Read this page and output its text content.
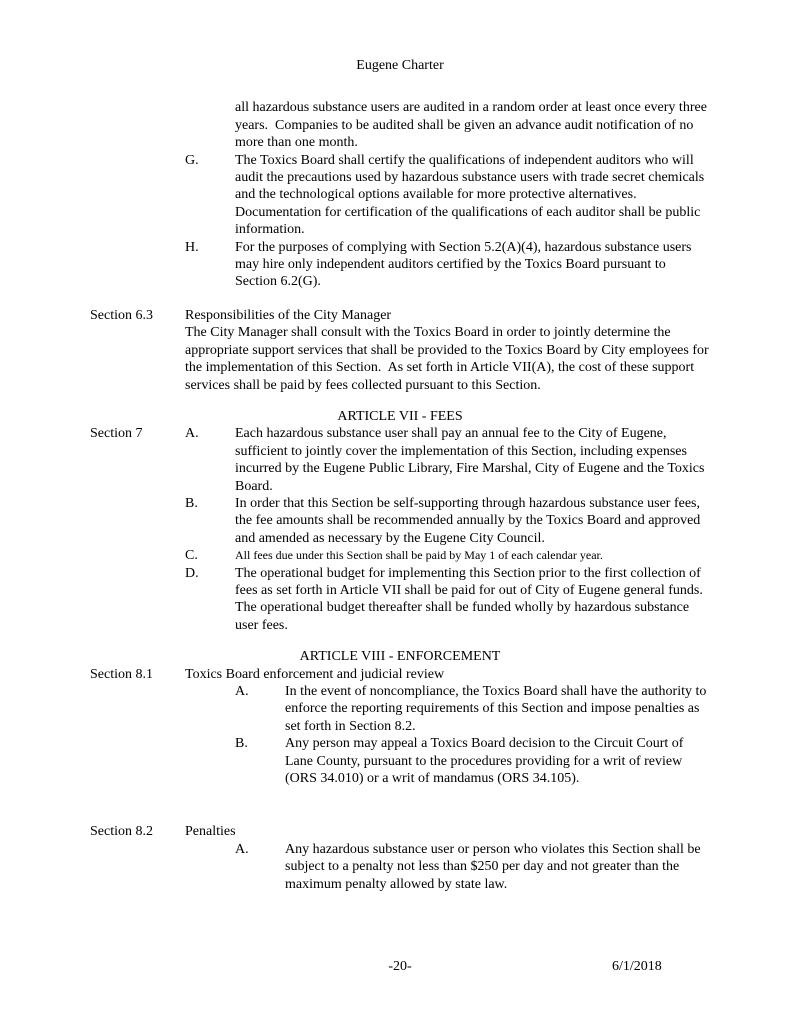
Eugene Charter
all hazardous substance users are audited in a random order at least once every three years.  Companies to be audited shall be given an advance audit notification of no more than one month.
G.	The Toxics Board shall certify the qualifications of independent auditors who will audit the precautions used by hazardous substance users with trade secret chemicals and the technological options available for more protective alternatives.  Documentation for certification of the qualifications of each auditor shall be public information.
H.	For the purposes of complying with Section 5.2(A)(4), hazardous substance users may hire only independent auditors certified by the Toxics Board pursuant to Section 6.2(G).
Section 6.3	Responsibilities of the City Manager
The City Manager shall consult with the Toxics Board in order to jointly determine the appropriate support services that shall be provided to the Toxics Board by City employees for the implementation of this Section.  As set forth in Article VII(A), the cost of these support services shall be paid by fees collected pursuant to this Section.
ARTICLE VII - FEES
Section 7	A.	Each hazardous substance user shall pay an annual fee to the City of Eugene, sufficient to jointly cover the implementation of this Section, including expenses incurred by the Eugene Public Library, Fire Marshal, City of Eugene and the Toxics Board.
B.	In order that this Section be self-supporting through hazardous substance user fees, the fee amounts shall be recommended annually by the Toxics Board and approved and amended as necessary by the Eugene City Council.
C.	All fees due under this Section shall be paid by May 1 of each calendar year.
D.	The operational budget for implementing this Section prior to the first collection of fees as set forth in Article VII shall be paid for out of City of Eugene general funds.  The operational budget thereafter shall be funded wholly by hazardous substance user fees.
ARTICLE VIII - ENFORCEMENT
Section 8.1	Toxics Board enforcement and judicial review
A.	In the event of noncompliance, the Toxics Board shall have the authority to enforce the reporting requirements of this Section and impose penalties as set forth in Section 8.2.
B.	Any person may appeal a Toxics Board decision to the Circuit Court of Lane County, pursuant to the procedures providing for a writ of review (ORS 34.010) or a writ of mandamus (ORS 34.105).
Section 8.2	Penalties
A.	Any hazardous substance user or person who violates this Section shall be subject to a penalty not less than $250 per day and not greater than the maximum penalty allowed by state law.
-20-	6/1/2018
